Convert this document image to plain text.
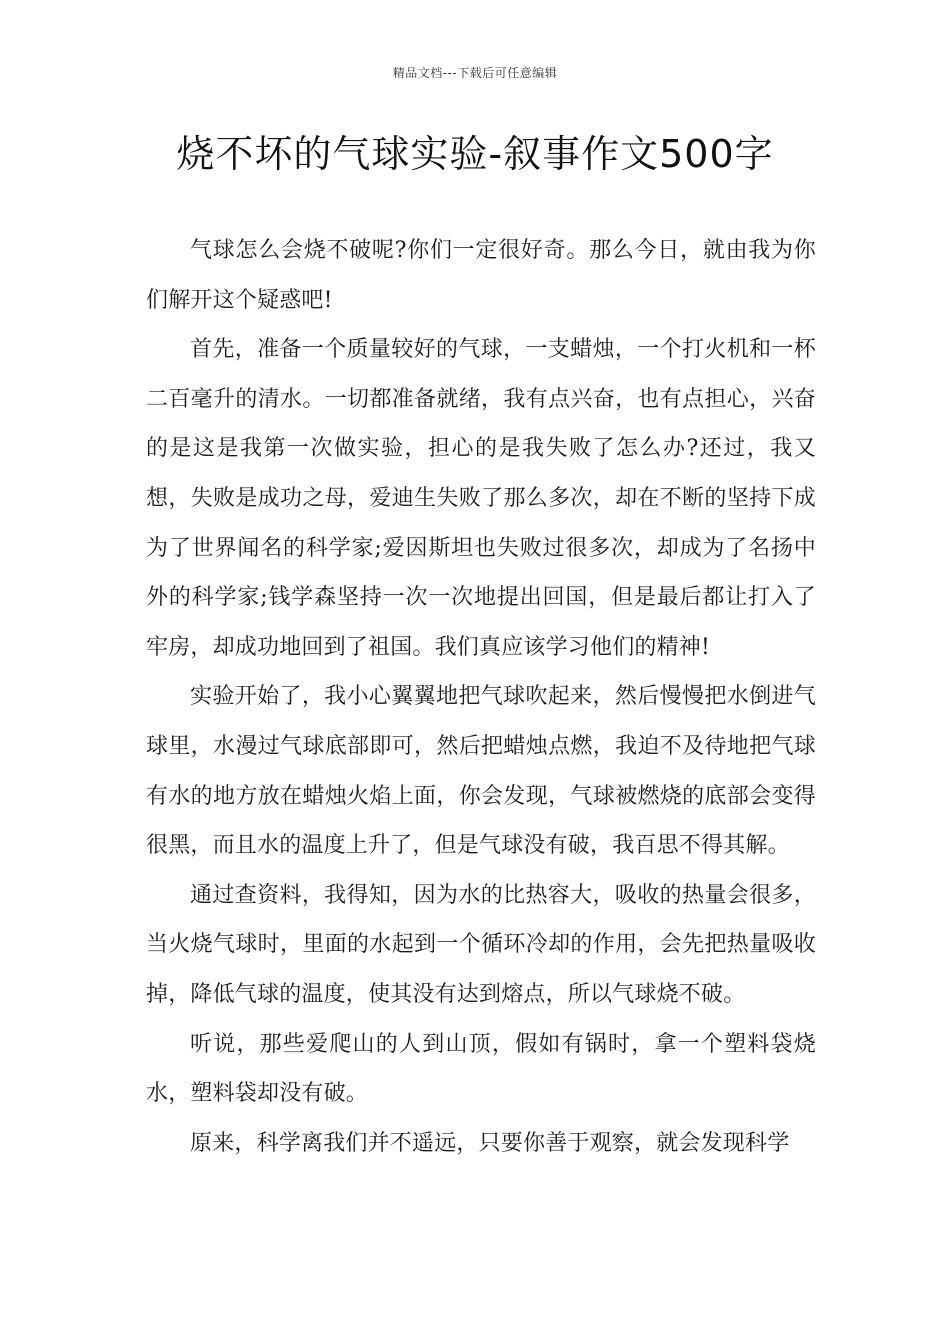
精品文档---下载后可任意编辑
烧不坏的气球实验-叙事作文500字

气球怎么会烧不破呢?你们一定很好奇。那么今日，就由我为你们解开这个疑惑吧!

首先，准备一个质量较好的气球，一支蜡烛，一个打火机和一杯二百毫升的清水。一切都准备就绪，我有点兴奋，也有点担心，兴奋的是这是我第一次做实验，担心的是我失败了怎么办?还过，我又想，失败是成功之母，爱迪生失败了那么多次，却在不断的坚持下成为了世界闻名的科学家;爱因斯坦也失败过很多次，却成为了名扬中外的科学家;钱学森坚持一次一次地提出回国，但是最后都让打入了牢房，却成功地回到了祖国。我们真应该学习他们的精神!

实验开始了，我小心翼翼地把气球吹起来，然后慢慢把水倒进气球里，水漫过气球底部即可，然后把蜡烛点燃，我迫不及待地把气球有水的地方放在蜡烛火焰上面，你会发现，气球被燃烧的底部会变得很黑，而且水的温度上升了，但是气球没有破，我百思不得其解。

通过查资料，我得知，因为水的比热容大，吸收的热量会很多，当火烧气球时，里面的水起到一个循环冷却的作用，会先把热量吸收掉，降低气球的温度，使其没有达到熔点，所以气球烧不破。

听说，那些爱爬山的人到山顶，假如有锅时，拿一个塑料袋烧水，塑料袋却没有破。

原来，科学离我们并不遥远，只要你善于观察，就会发现科学
